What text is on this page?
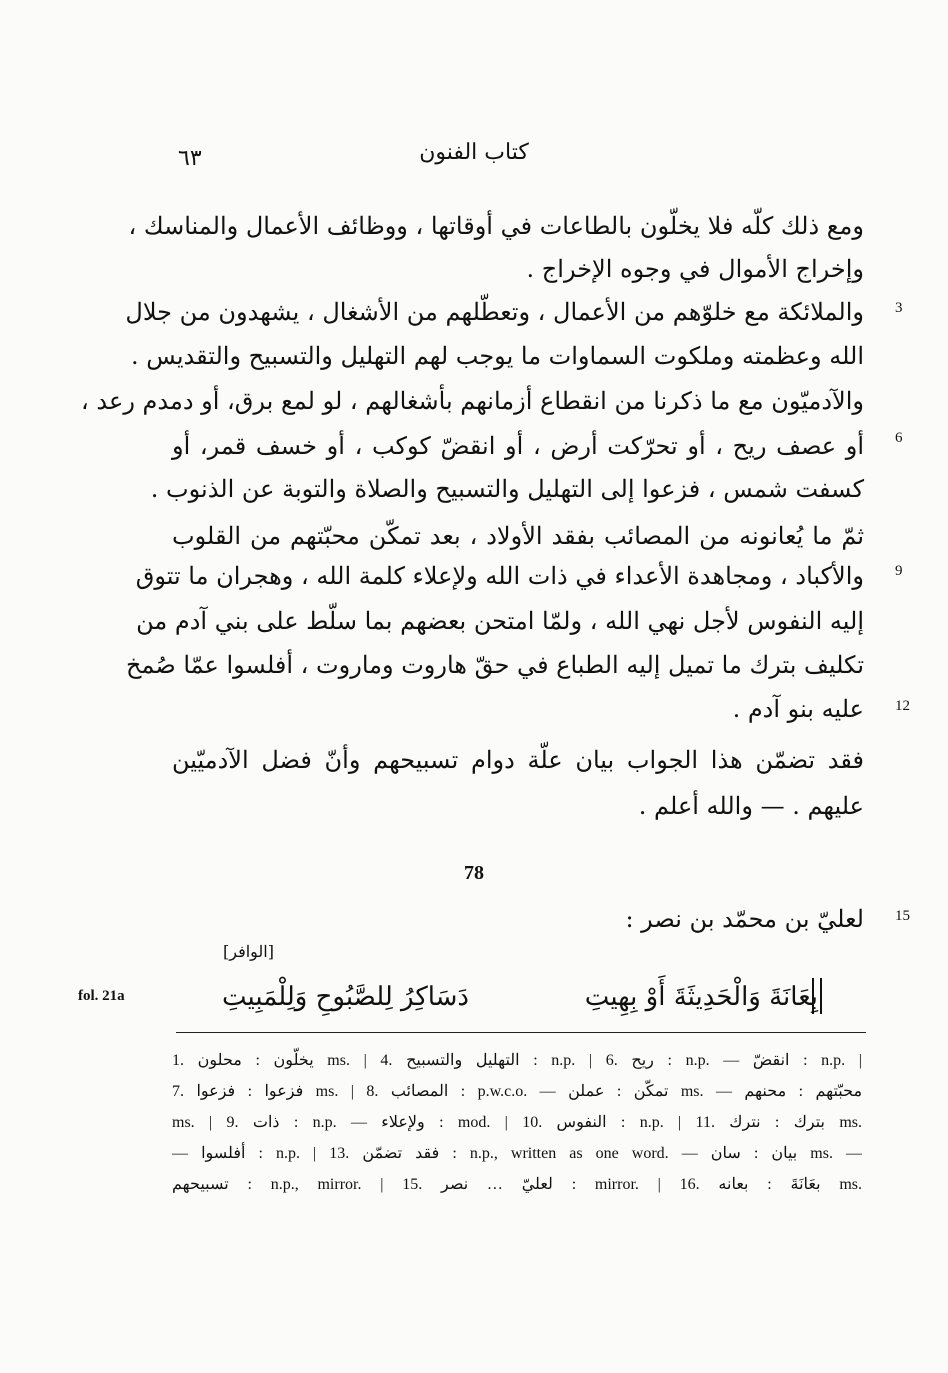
كتاب الفنون
٦٣
ومع ذلك كلّه فلا يخلّون بالطاعات في أوقاتها ، ووظائف الأعمال والمناسك ،
وإخراج الأموال في وجوه الإخراج .
والملائكة مع خلوّهم من الأعمال ، وتعطّلهم من الأشغال ، يشهدون من جلال
الله وعظمته وملكوت السماوات ما يوجب لهم التهليل والتسبيح والتقديس .
والآدميّون مع ما ذكرنا من انقطاع أزمانهم بأشغالهم ، لو لمع برق، أو دمدم رعد ،
أو عصف ريح ، أو تحرّكت أرض ، أو انقضّ كوكب ، أو خسف قمر، أو
كسفت شمس ، فزعوا إلى التهليل والتسبيح والصلاة والتوبة عن الذنوب .
ثمّ ما يُعانونه من المصائب بفقد الأولاد ، بعد تمكّن محبّتهم من القلوب
والأكباد ، ومجاهدة الأعداء في ذات الله ولإعلاء كلمة الله ، وهجران ما تتوق
إليه النفوس لأجل نهي الله ، ولمّا امتحن بعضهم بما سلّط على بني آدم من
تكليف بترك ما تميل إليه الطباع في حقّ هاروت وماروت ، أفلسوا عمّا صُمخ
عليه بنو آدم .
فقد تضمّن هذا الجواب بيان علّة دوام تسبيحهم وأنّ فضل الآدميّين
عليهم . — والله أعلم .
3
6
9
12
15
78
لعليّ بن محمّد بن نصر :
[الوافر]
fol. 21a	بِعَانَةَ وَالْحَدِيثَةَ أَوْ بِهِيتِ
دَسَاكِرُ لِلصَّبُوحِ وَلِلْمَبِيتِ
1. يخلّون : محلون ms. | 4. التهليل والتسبيح : n.p. | 6. ريح : n.p. — انقضّ : n.p. |
7. فزعوا : فزعوا ms. | 8. المصائب : p.w.c.o. — تمكّن : عملن ms. — محبّتهم : محنهم
ms. | 9. ذات : n.p. — ولإعلاء : mod. | 10. النفوس : n.p. | 11. بترك : نترك ms.
— أفلسوا : n.p. | 13. فقد تضمّن : n.p., written as one word. — بيان : سان ms. —
تسبيحهم : n.p., mirror. | 15. لعليّ … نصر : mirror. | 16. بعَانَةَ : بعانه ms.
